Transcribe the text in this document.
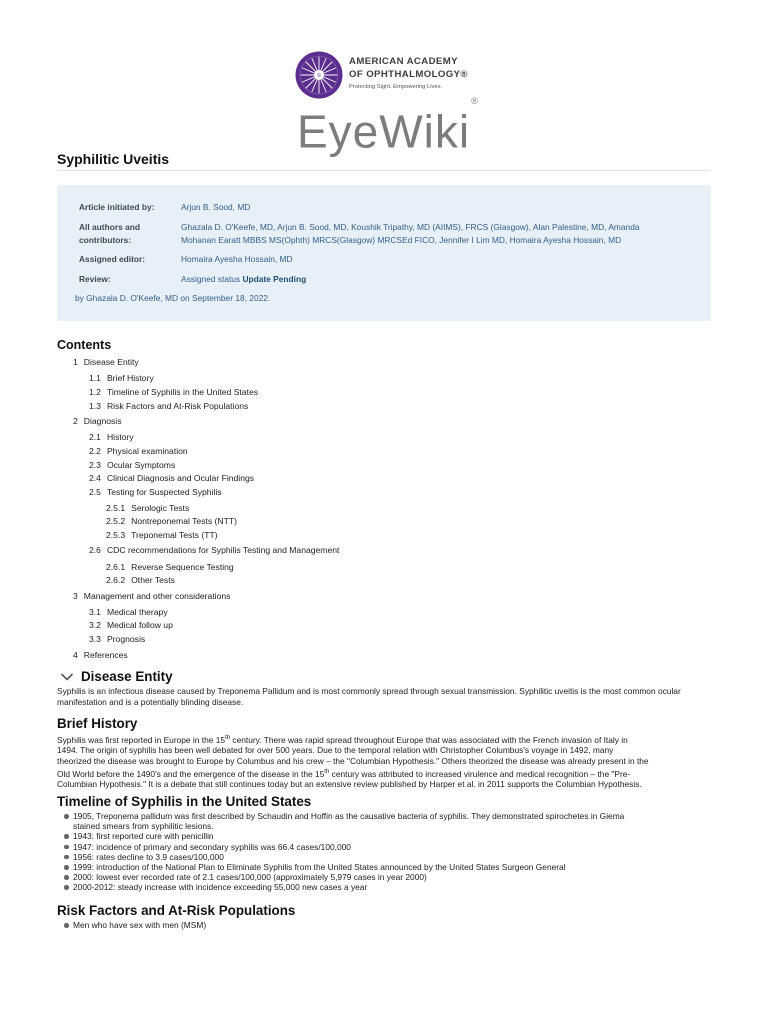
AMERICAN ACADEMY
OF OPHTHALMOLOGY®
Protecting Sight. Empowering Lives.
EyeWiki®
Syphilitic Uveitis
Article initiated by:	Arjun B. Sood, MD
All authors and
contributors:
Ghazala D. O'Keefe, MD, Arjun B. Sood, MD, Koushik Tripathy, MD (AIIMS), FRCS (Glasgow), Alan Palestine, MD, Amanda
Mohanan Earatt MBBS MS(Ophth) MRCS(Glasgow) MRCSEd FICO, Jennifer I Lim MD, Homaira Ayesha Hossain, MD
Assigned editor:	Homaira Ayesha Hossain, MD
Review:	Assigned status Update Pending
by Ghazala D. O'Keefe, MD on September 18, 2022.
Contents
1 Disease Entity
1.1 Brief History
1.2 Timeline of Syphilis in the United States
1.3 Risk Factors and At-Risk Populations
2 Diagnosis
2.1 History
2.2 Physical examination
2.3 Ocular Symptoms
2.4 Clinical Diagnosis and Ocular Findings
2.5 Testing for Suspected Syphilis
2.5.1 Serologic Tests
2.5.2 Nontreponemal Tests (NTT)
2.5.3 Treponemal Tests (TT)
2.6 CDC recommendations for Syphilis Testing and Management
2.6.1 Reverse Sequence Testing
2.6.2 Other Tests
3 Management and other considerations
3.1 Medical therapy
3.2 Medical follow up
3.3 Prognosis
4 References
Disease Entity

Syphilis is an infectious disease caused by Treponema Pallidum and is most commonly spread through sexual transmission. Syphilitic uveitis is the most common ocular manifestation and is a potentially blinding disease.

Brief History

Syphilis was first reported in Europe in the 15th century. There was rapid spread throughout Europe that was associated with the French invasion of Italy in
1494. The origin of syphilis has been well debated for over 500 years. Due to the temporal relation with Christopher Columbus's voyage in 1492, many
theorized the disease was brought to Europe by Columbus and his crew – the "Columbian Hypothesis." Others theorized the disease was already present in the
Old World before the 1490's and the emergence of the disease in the 15th century was attributed to increased virulence and medical recognition – the "Pre-
Columbian Hypothesis." It is a debate that still continues today but an extensive review published by Harper et al. in 2011 supports the Columbian Hypothesis.

Timeline of Syphilis in the United States
1905, Treponema pallidum was first described by Schaudin and Hoffin as the causative bacteria of syphilis. They demonstrated spirochetes in Giema
stained smears from syphilitic lesions.
1943: first reported cure with penicillin
1947: incidence of primary and secondary syphilis was 66.4 cases/100,000
1956: rates decline to 3.9 cases/100,000
1999: introduction of the National Plan to Eliminate Syphilis from the United States announced by the United States Surgeon General
2000: lowest ever recorded rate of 2.1 cases/100,000 (approximately 5,979 cases in year 2000)
2000-2012: steady increase with incidence exceeding 55,000 new cases a year
Risk Factors and At-Risk Populations
Men who have sex with men (MSM)
